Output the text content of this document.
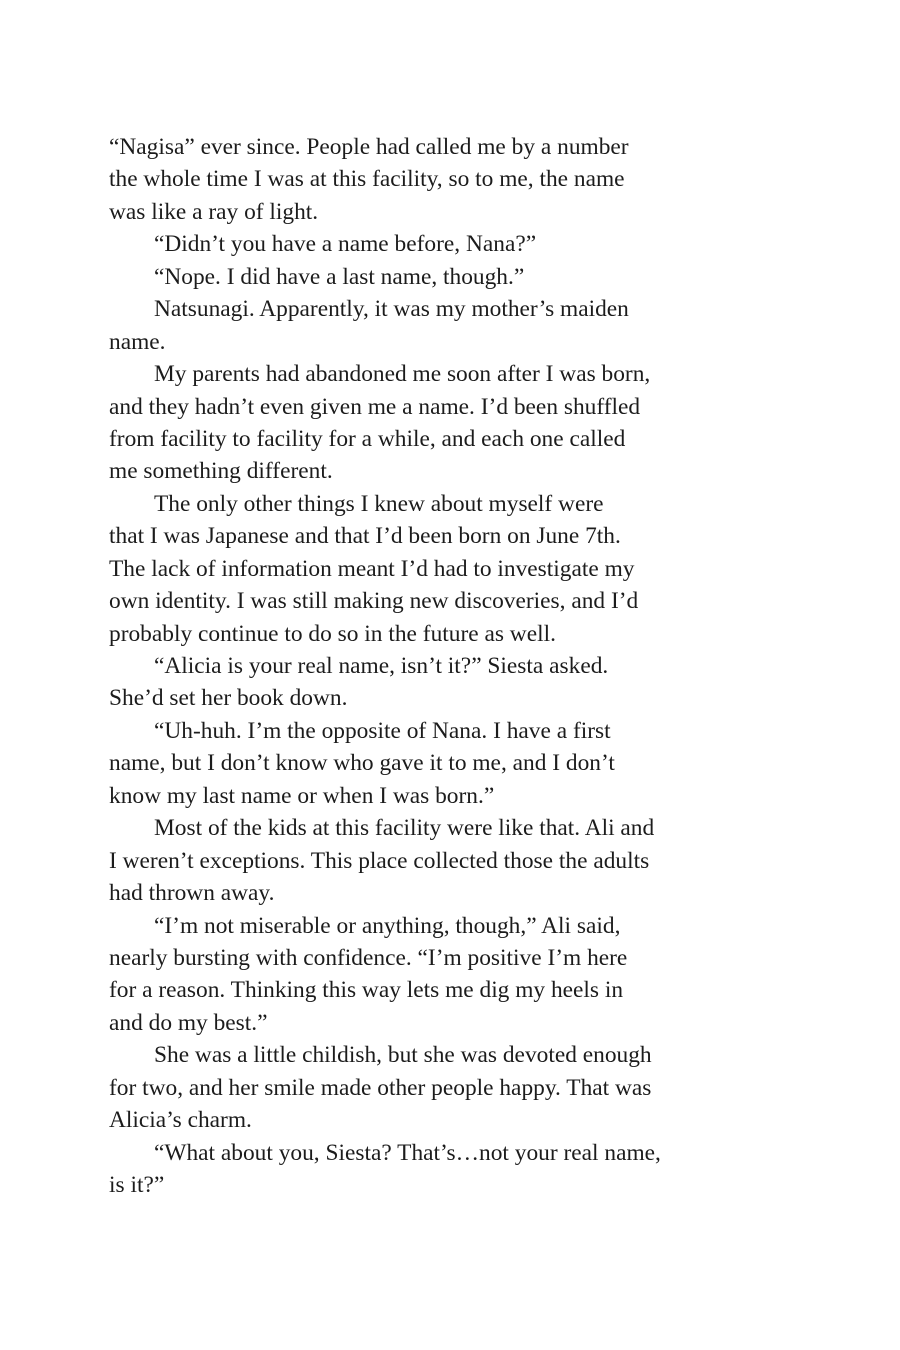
“Nagisa” ever since. People had called me by a number
the whole time I was at this facility, so to me, the name
was like a ray of light.
“Didn’t you have a name before, Nana?”
“Nope. I did have a last name, though.”
Natsunagi. Apparently, it was my mother’s maiden
name.
My parents had abandoned me soon after I was born,
and they hadn’t even given me a name. I’d been shuffled
from facility to facility for a while, and each one called
me something different.
The only other things I knew about myself were
that I was Japanese and that I’d been born on June 7th.
The lack of information meant I’d had to investigate my
own identity. I was still making new discoveries, and I’d
probably continue to do so in the future as well.
“Alicia is your real name, isn’t it?” Siesta asked.
She’d set her book down.
“Uh-huh. I’m the opposite of Nana. I have a first
name, but I don’t know who gave it to me, and I don’t
know my last name or when I was born.”
Most of the kids at this facility were like that. Ali and
I weren’t exceptions. This place collected those the adults
had thrown away.
“I’m not miserable or anything, though,” Ali said,
nearly bursting with confidence. “I’m positive I’m here
for a reason. Thinking this way lets me dig my heels in
and do my best.”
She was a little childish, but she was devoted enough
for two, and her smile made other people happy. That was
Alicia’s charm.
“What about you, Siesta? That’s…not your real name,
is it?”
